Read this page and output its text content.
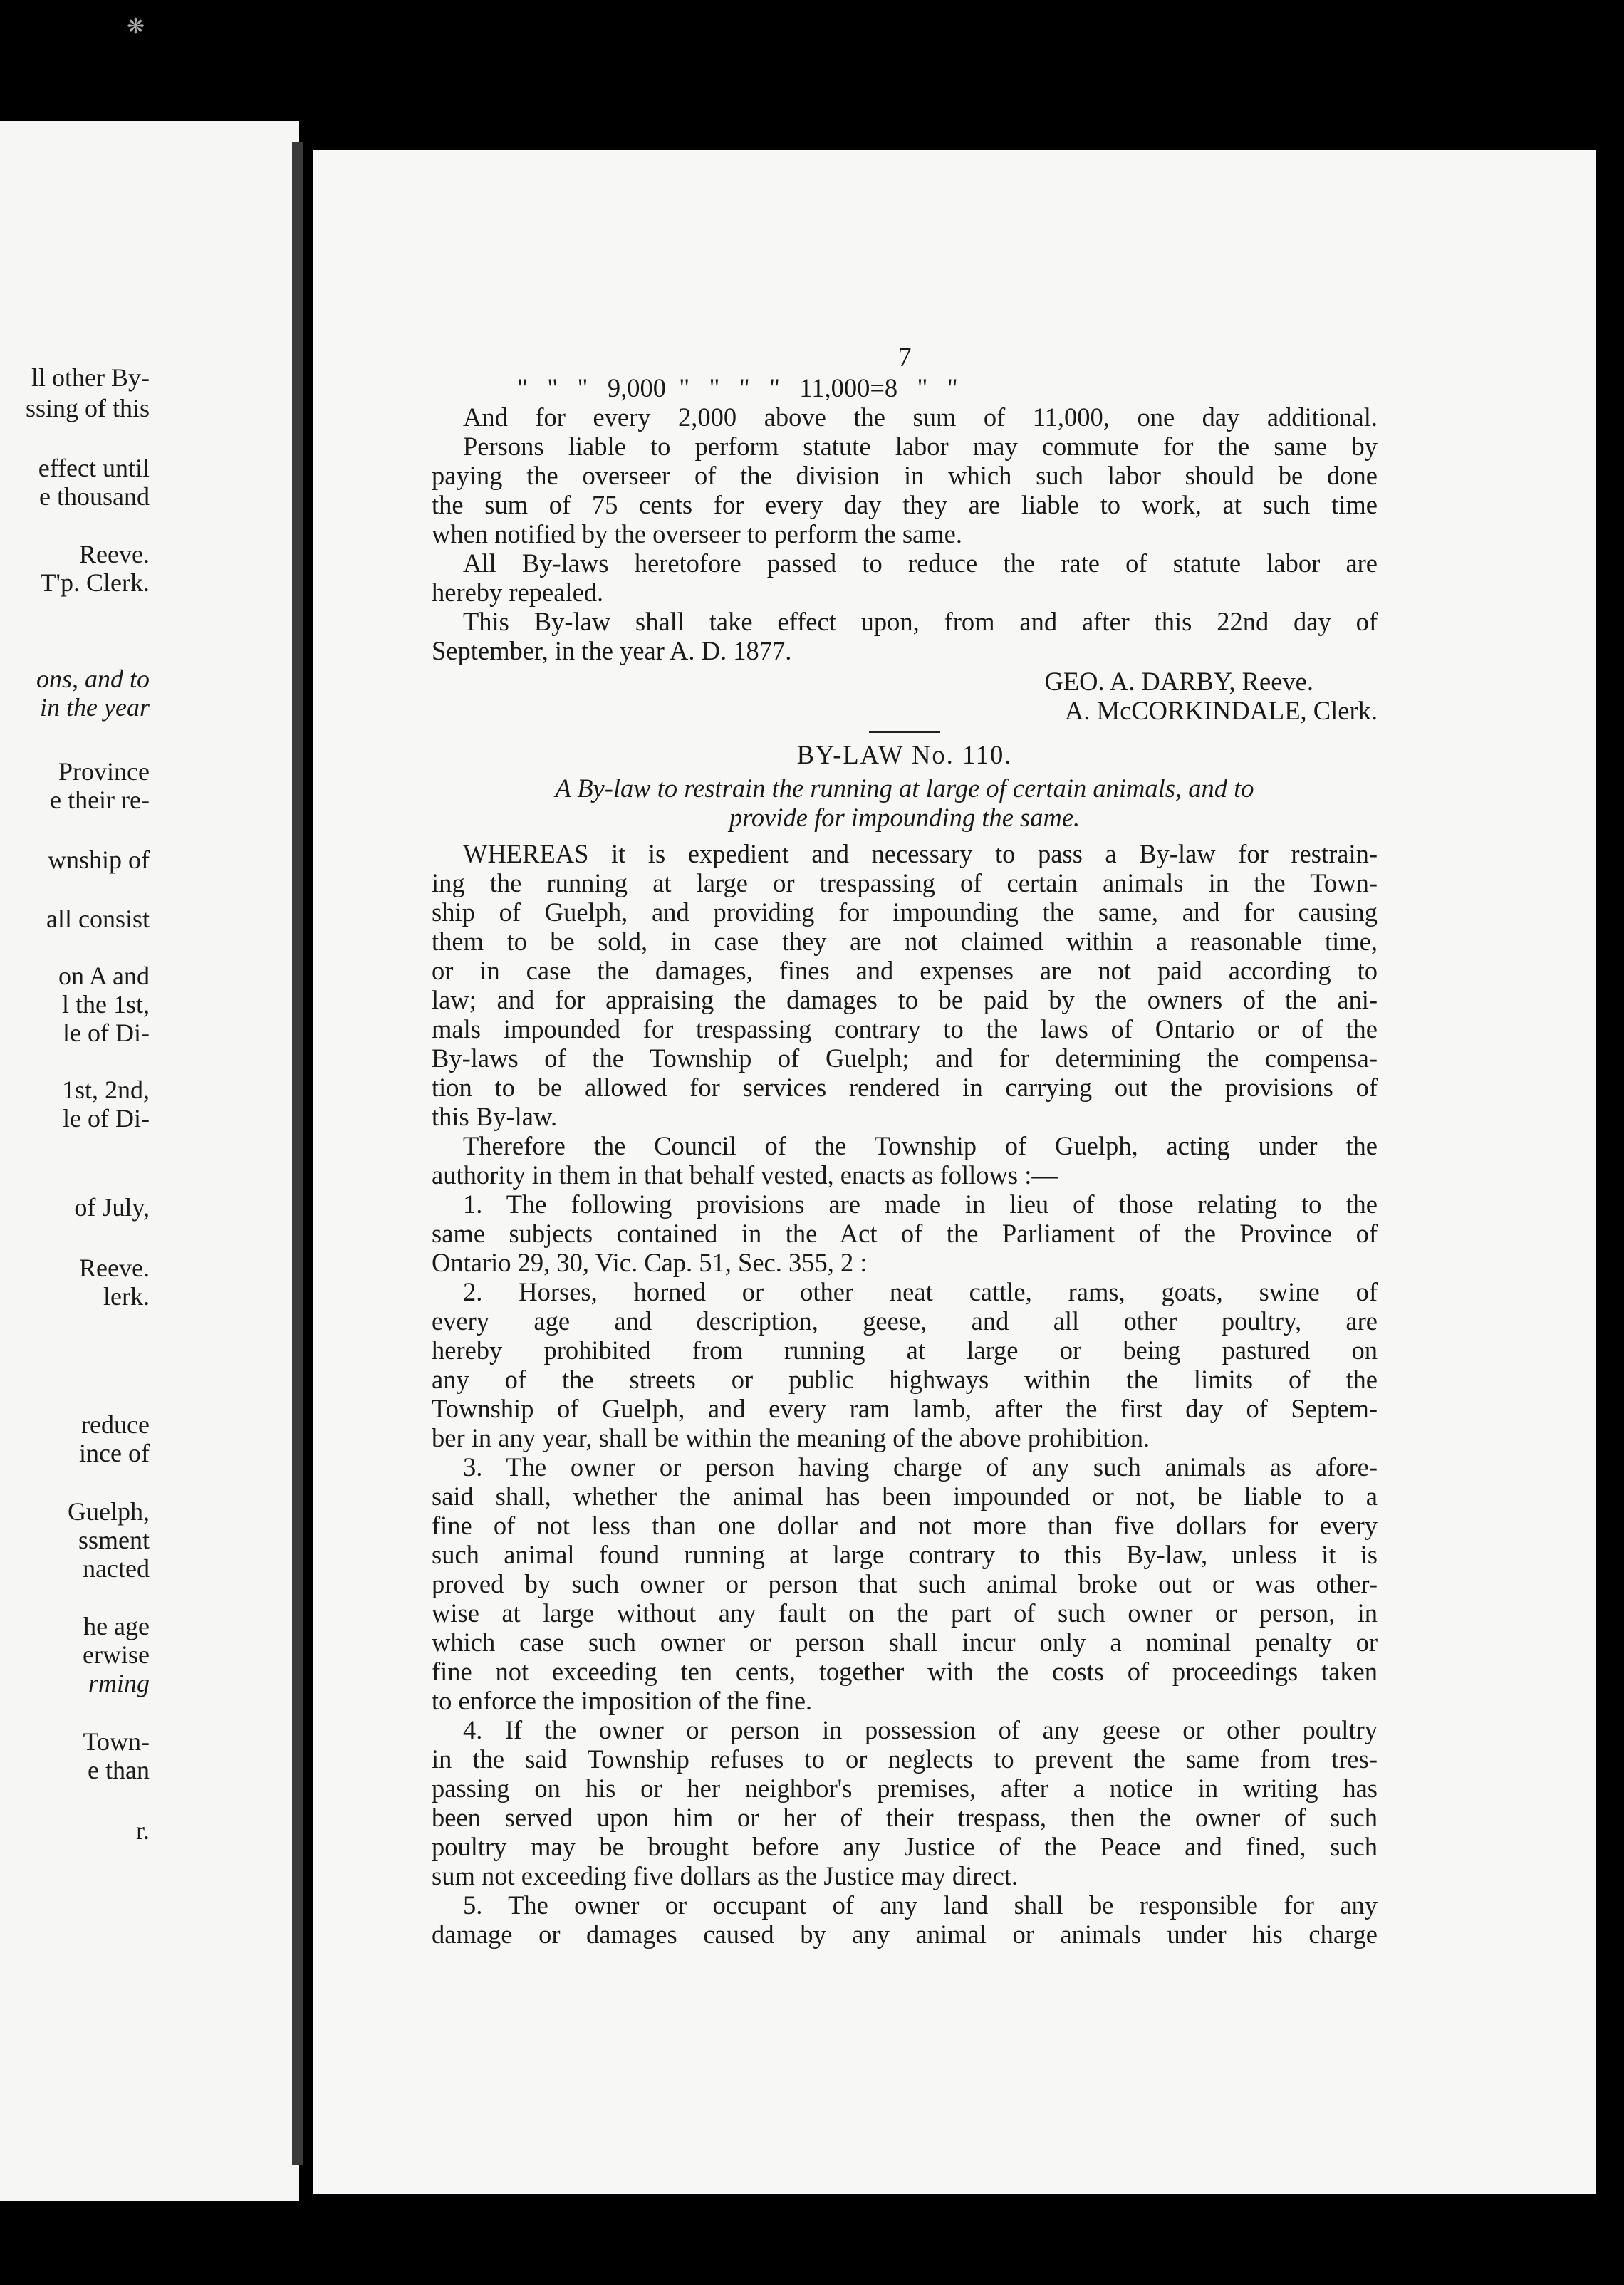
ll other By-
ssing of this
effect until
e thousand
Reeve.
T'p. Clerk.
ons, and to
in the year
Province
e their re-
wnship of
all consist
on A and
l the 1st,
le of Di-
1st, 2nd,
le of Di-
of July,
Reeve.
lerk.
reduce
ince of
Guelph,
ssment
nacted
he age
erwise
rming
Town-
e than
r.
7
"   "   "   9,000  "   "   "   "   11,000=8   "   "
And for every 2,000 above the sum of 11,000, one day additional.
Persons liable to perform statute labor may commute for the same by
paying the overseer of the division in which such labor should be done
the sum of 75 cents for every day they are liable to work, at such time
when notified by the overseer to perform the same.
All By-laws heretofore passed to reduce the rate of statute labor are
hereby repealed.
This By-law shall take effect upon, from and after this 22nd day of
September, in the year A. D. 1877.
GEO. A. DARBY, Reeve.
A. McCORKINDALE, Clerk.
BY-LAW No. 110.
A By-law to restrain the running at large of certain animals, and to
provide for impounding the same.
WHEREAS it is expedient and necessary to pass a By-law for restrain-
ing the running at large or trespassing of certain animals in the Town-
ship of Guelph, and providing for impounding the same, and for causing
them to be sold, in case they are not claimed within a reasonable time,
or in case the damages, fines and expenses are not paid according to
law; and for appraising the damages to be paid by the owners of the ani-
mals impounded for trespassing contrary to the laws of Ontario or of the
By-laws of the Township of Guelph; and for determining the compensa-
tion to be allowed for services rendered in carrying out the provisions of
this By-law.
Therefore the Council of the Township of Guelph, acting under the
authority in them in that behalf vested, enacts as follows :—
1. The following provisions are made in lieu of those relating to the
same subjects contained in the Act of the Parliament of the Province of
Ontario 29, 30, Vic. Cap. 51, Sec. 355, 2 :
2. Horses, horned or other neat cattle, rams, goats, swine of
every age and description, geese, and all other poultry, are
hereby prohibited from running at large or being pastured on
any of the streets or public highways within the limits of the
Township of Guelph, and every ram lamb, after the first day of Septem-
ber in any year, shall be within the meaning of the above prohibition.
3. The owner or person having charge of any such animals as afore-
said shall, whether the animal has been impounded or not, be liable to a
fine of not less than one dollar and not more than five dollars for every
such animal found running at large contrary to this By-law, unless it is
proved by such owner or person that such animal broke out or was other-
wise at large without any fault on the part of such owner or person, in
which case such owner or person shall incur only a nominal penalty or
fine not exceeding ten cents, together with the costs of proceedings taken
to enforce the imposition of the fine.
4. If the owner or person in possession of any geese or other poultry
in the said Township refuses to or neglects to prevent the same from tres-
passing on his or her neighbor's premises, after a notice in writing has
been served upon him or her of their trespass, then the owner of such
poultry may be brought before any Justice of the Peace and fined, such
sum not exceeding five dollars as the Justice may direct.
5. The owner or occupant of any land shall be responsible for any
damage or damages caused by any animal or animals under his charge
❋
